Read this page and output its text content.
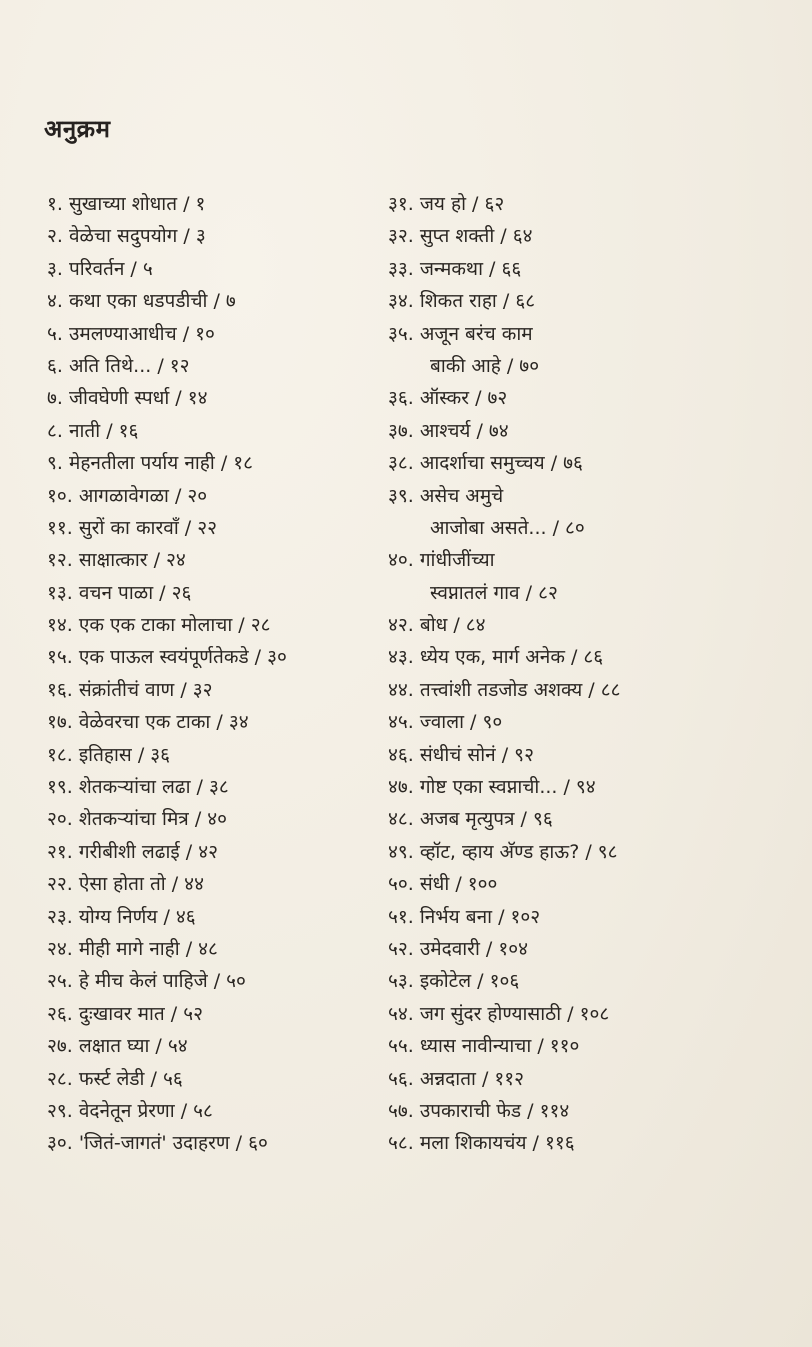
अनुक्रम
१. सुखाच्या शोधात / १
२. वेळेचा सदुपयोग / ३
३. परिवर्तन / ५
४. कथा एका धडपडीची / ७
५. उमलण्याआधीच / १०
६. अति तिथे... / १२
७. जीवघेणी स्पर्धा / १४
८. नाती / १६
९. मेहनतीला पर्याय नाही / १८
१०. आगळावेगळा / २०
११. सुरों का कारवाँ / २२
१२. साक्षात्कार / २४
१३. वचन पाळा / २६
१४. एक एक टाका मोलाचा / २८
१५. एक पाऊल स्वयंपूर्णतेकडे / ३०
१६. संक्रांतीचं वाण / ३२
१७. वेळेवरचा एक टाका / ३४
१८. इतिहास / ३६
१९. शेतकऱ्यांचा लढा / ३८
२०. शेतकऱ्यांचा मित्र / ४०
२१. गरीबीशी लढाई / ४२
२२. ऐसा होता तो / ४४
२३. योग्य निर्णय / ४६
२४. मीही मागे नाही / ४८
२५. हे मीच केलं पाहिजे / ५०
२६. दुःखावर मात / ५२
२७. लक्षात घ्या / ५४
२८. फर्स्ट लेडी / ५६
२९. वेदनेतून प्रेरणा / ५८
३०. 'जितं-जागतं' उदाहरण / ६०
३१. जय हो / ६२
३२. सुप्त शक्ती / ६४
३३. जन्मकथा / ६६
३४. शिकत राहा / ६८
३५. अजून बरंच काम
बाकी आहे / ७०
३६. ऑस्कर / ७२
३७. आश्चर्य / ७४
३८. आदर्शाचा समुच्चय / ७६
३९. असेच अमुचे
आजोबा असते... / ८०
४०. गांधीजींच्या
स्वप्नातलं गाव / ८२
४२. बोध / ८४
४३. ध्येय एक, मार्ग अनेक / ८६
४४. तत्त्वांशी तडजोड अशक्य / ८८
४५. ज्वाला / ९०
४६. संधीचं सोनं / ९२
४७. गोष्ट एका स्वप्नाची... / ९४
४८. अजब मृत्युपत्र / ९६
४९. व्हॉट, व्हाय अ‍ॅण्ड हाऊ? / ९८
५०. संधी / १००
५१. निर्भय बना / १०२
५२. उमेदवारी / १०४
५३. इकोटेल / १०६
५४. जग सुंदर होण्यासाठी / १०८
५५. ध्यास नावीन्याचा / ११०
५६. अन्नदाता / ११२
५७. उपकाराची फेड / ११४
५८. मला शिकायचंय / ११६
